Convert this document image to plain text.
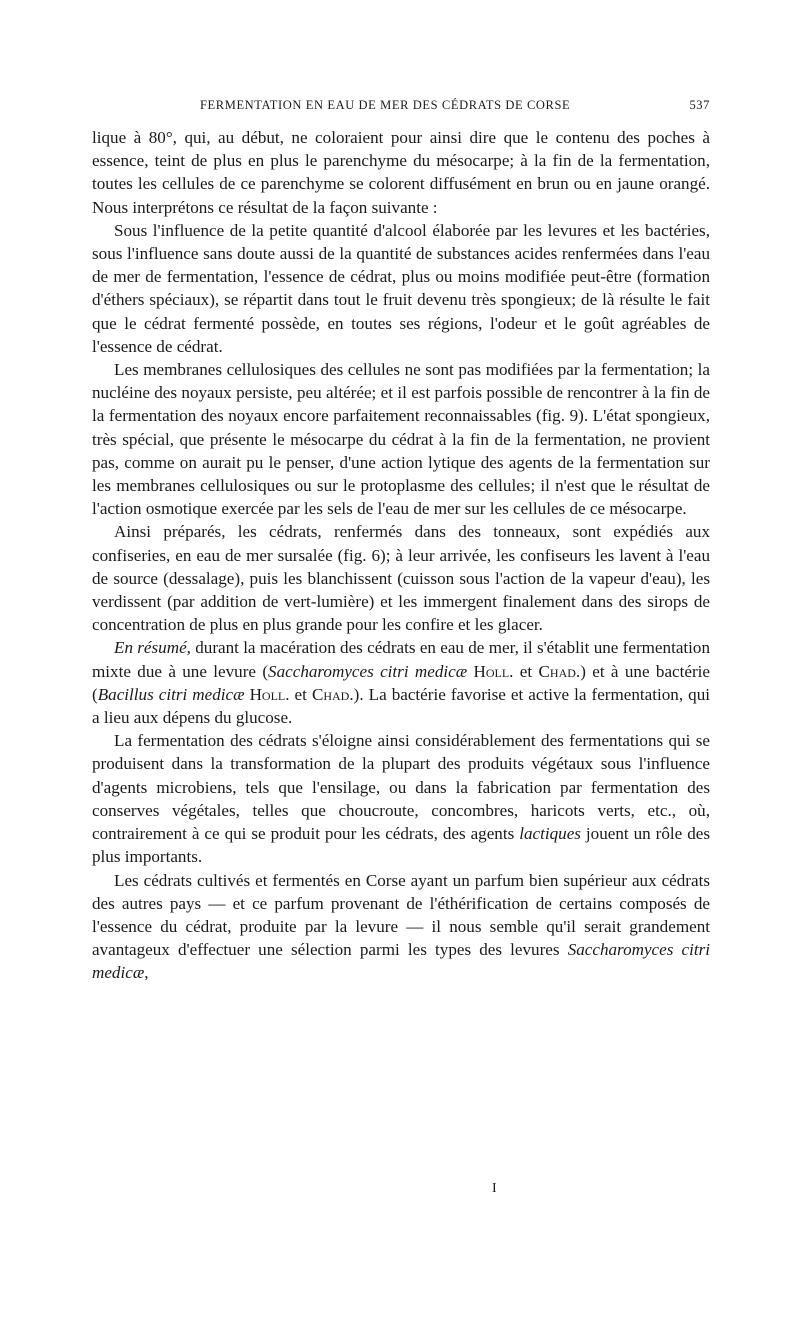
FERMENTATION EN EAU DE MER DES CÉDRATS DE CORSE	537

lique à 80°, qui, au début, ne coloraient pour ainsi dire que le contenu des poches à essence, teint de plus en plus le parenchyme du mésocarpe; à la fin de la fermentation, toutes les cellules de ce parenchyme se colorent diffusément en brun ou en jaune orangé. Nous interprétons ce résultat de la façon suivante :

Sous l'influence de la petite quantité d'alcool élaborée par les levures et les bactéries, sous l'influence sans doute aussi de la quantité de substances acides renfermées dans l'eau de mer de fermentation, l'essence de cédrat, plus ou moins modifiée peut-être (formation d'éthers spéciaux), se répartit dans tout le fruit devenu très spongieux; de là résulte le fait que le cédrat fermenté possède, en toutes ses régions, l'odeur et le goût agréables de l'essence de cédrat.

Les membranes cellulosiques des cellules ne sont pas modifiées par la fermentation; la nucléine des noyaux persiste, peu altérée; et il est parfois possible de rencontrer à la fin de la fermentation des noyaux encore parfaitement reconnaissables (fig. 9). L'état spongieux, très spécial, que présente le mésocarpe du cédrat à la fin de la fermentation, ne provient pas, comme on aurait pu le penser, d'une action lytique des agents de la fermentation sur les membranes cellulosiques ou sur le protoplasme des cellules; il n'est que le résultat de l'action osmotique exercée par les sels de l'eau de mer sur les cellules de ce mésocarpe.

Ainsi préparés, les cédrats, renfermés dans des tonneaux, sont expédiés aux confiseries, en eau de mer sursalée (fig. 6); à leur arrivée, les confiseurs les lavent à l'eau de source (dessalage), puis les blanchissent (cuisson sous l'action de la vapeur d'eau), les verdissent (par addition de vert-lumière) et les immergent finalement dans des sirops de concentration de plus en plus grande pour les confire et les glacer.

En résumé, durant la macération des cédrats en eau de mer, il s'établit une fermentation mixte due à une levure (Saccharomyces citri medicæ Holl. et Chad.) et à une bactérie (Bacillus citri medicæ Holl. et Chad.). La bactérie favorise et active la fermentation, qui a lieu aux dépens du glucose.

La fermentation des cédrats s'éloigne ainsi considérablement des fermentations qui se produisent dans la transformation de la plupart des produits végétaux sous l'influence d'agents microbiens, tels que l'ensilage, ou dans la fabrication par fermentation des conserves végétales, telles que choucroute, concombres, haricots verts, etc., où, contrairement à ce qui se produit pour les cédrats, des agents lactiques jouent un rôle des plus importants.

Les cédrats cultivés et fermentés en Corse ayant un parfum bien supérieur aux cédrats des autres pays — et ce parfum provenant de l'éthérification de certains composés de l'essence du cédrat, produite par la levure — il nous semble qu'il serait grandement avantageux d'effectuer une sélection parmi les types des levures Saccharomyces citri medicæ,

I
